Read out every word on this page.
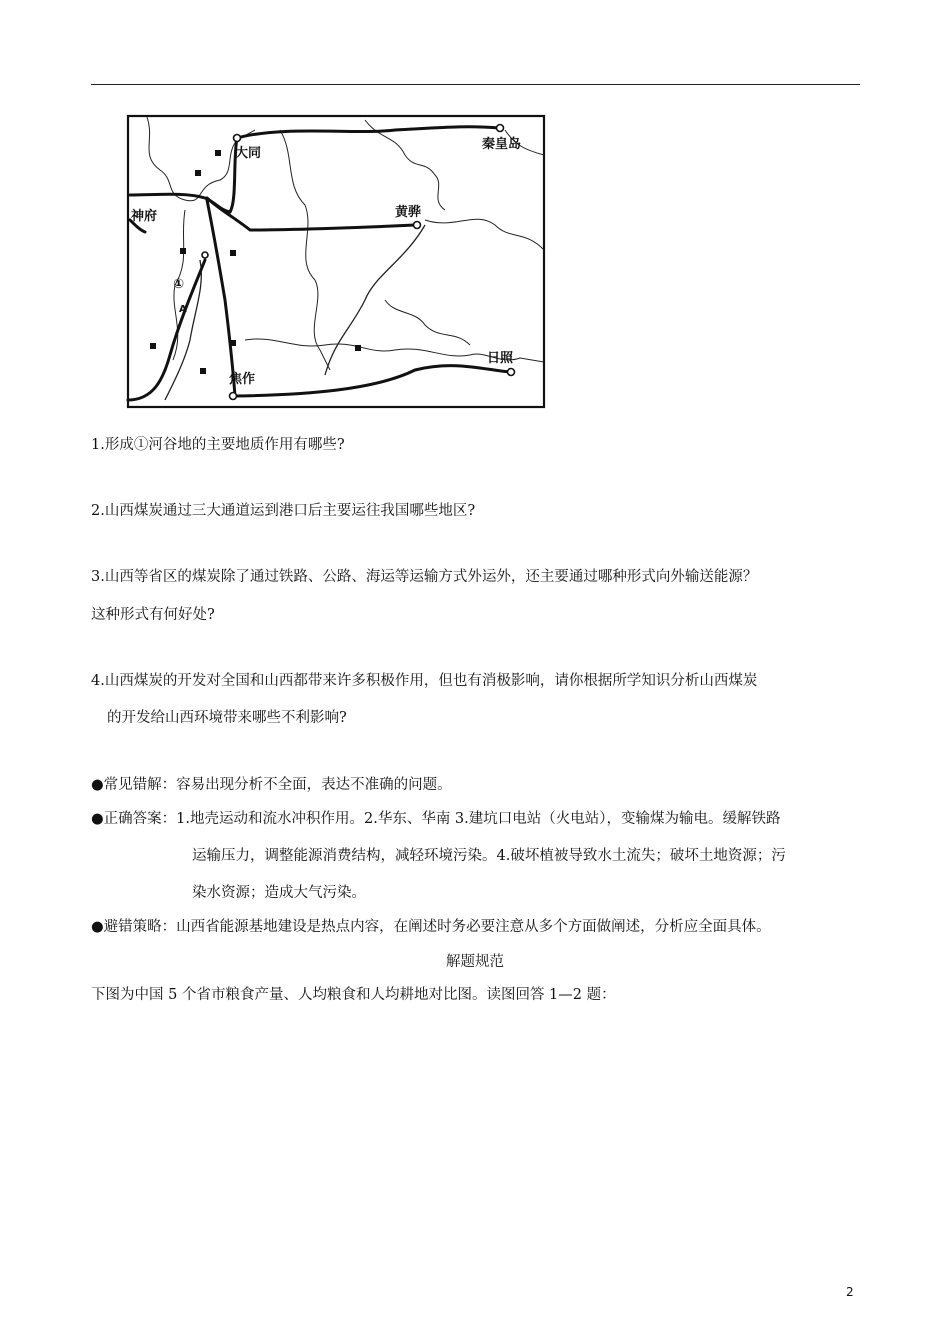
大同
秦皇岛
神府	黄骅
焦作
日照
①
A
1.形成①河谷地的主要地质作用有哪些?
2.山西煤炭通过三大通道运到港口后主要运往我国哪些地区?
3.山西等省区的煤炭除了通过铁路、公路、海运等运输方式外运外，还主要通过哪种形式向外输送能源？
这种形式有何好处?
4.山西煤炭的开发对全国和山西都带来许多积极作用，但也有消极影响，请你根据所学知识分析山西煤炭
的开发给山西环境带来哪些不利影响?
●常见错解：容易出现分析不全面，表达不准确的问题。
●正确答案：1.地壳运动和流水冲积作用。2.华东、华南 3.建坑口电站（火电站），变输煤为输电。缓解铁路
运输压力，调整能源消费结构，减轻环境污染。4.破坏植被导致水土流失；破坏土地资源；污
染水资源；造成大气污染。
●避错策略：山西省能源基地建设是热点内容，在阐述时务必要注意从多个方面做阐述，分析应全面具体。
解题规范
下图为中国 5 个省市粮食产量、人均粮食和人均耕地对比图。读图回答 1—2 题：
2
